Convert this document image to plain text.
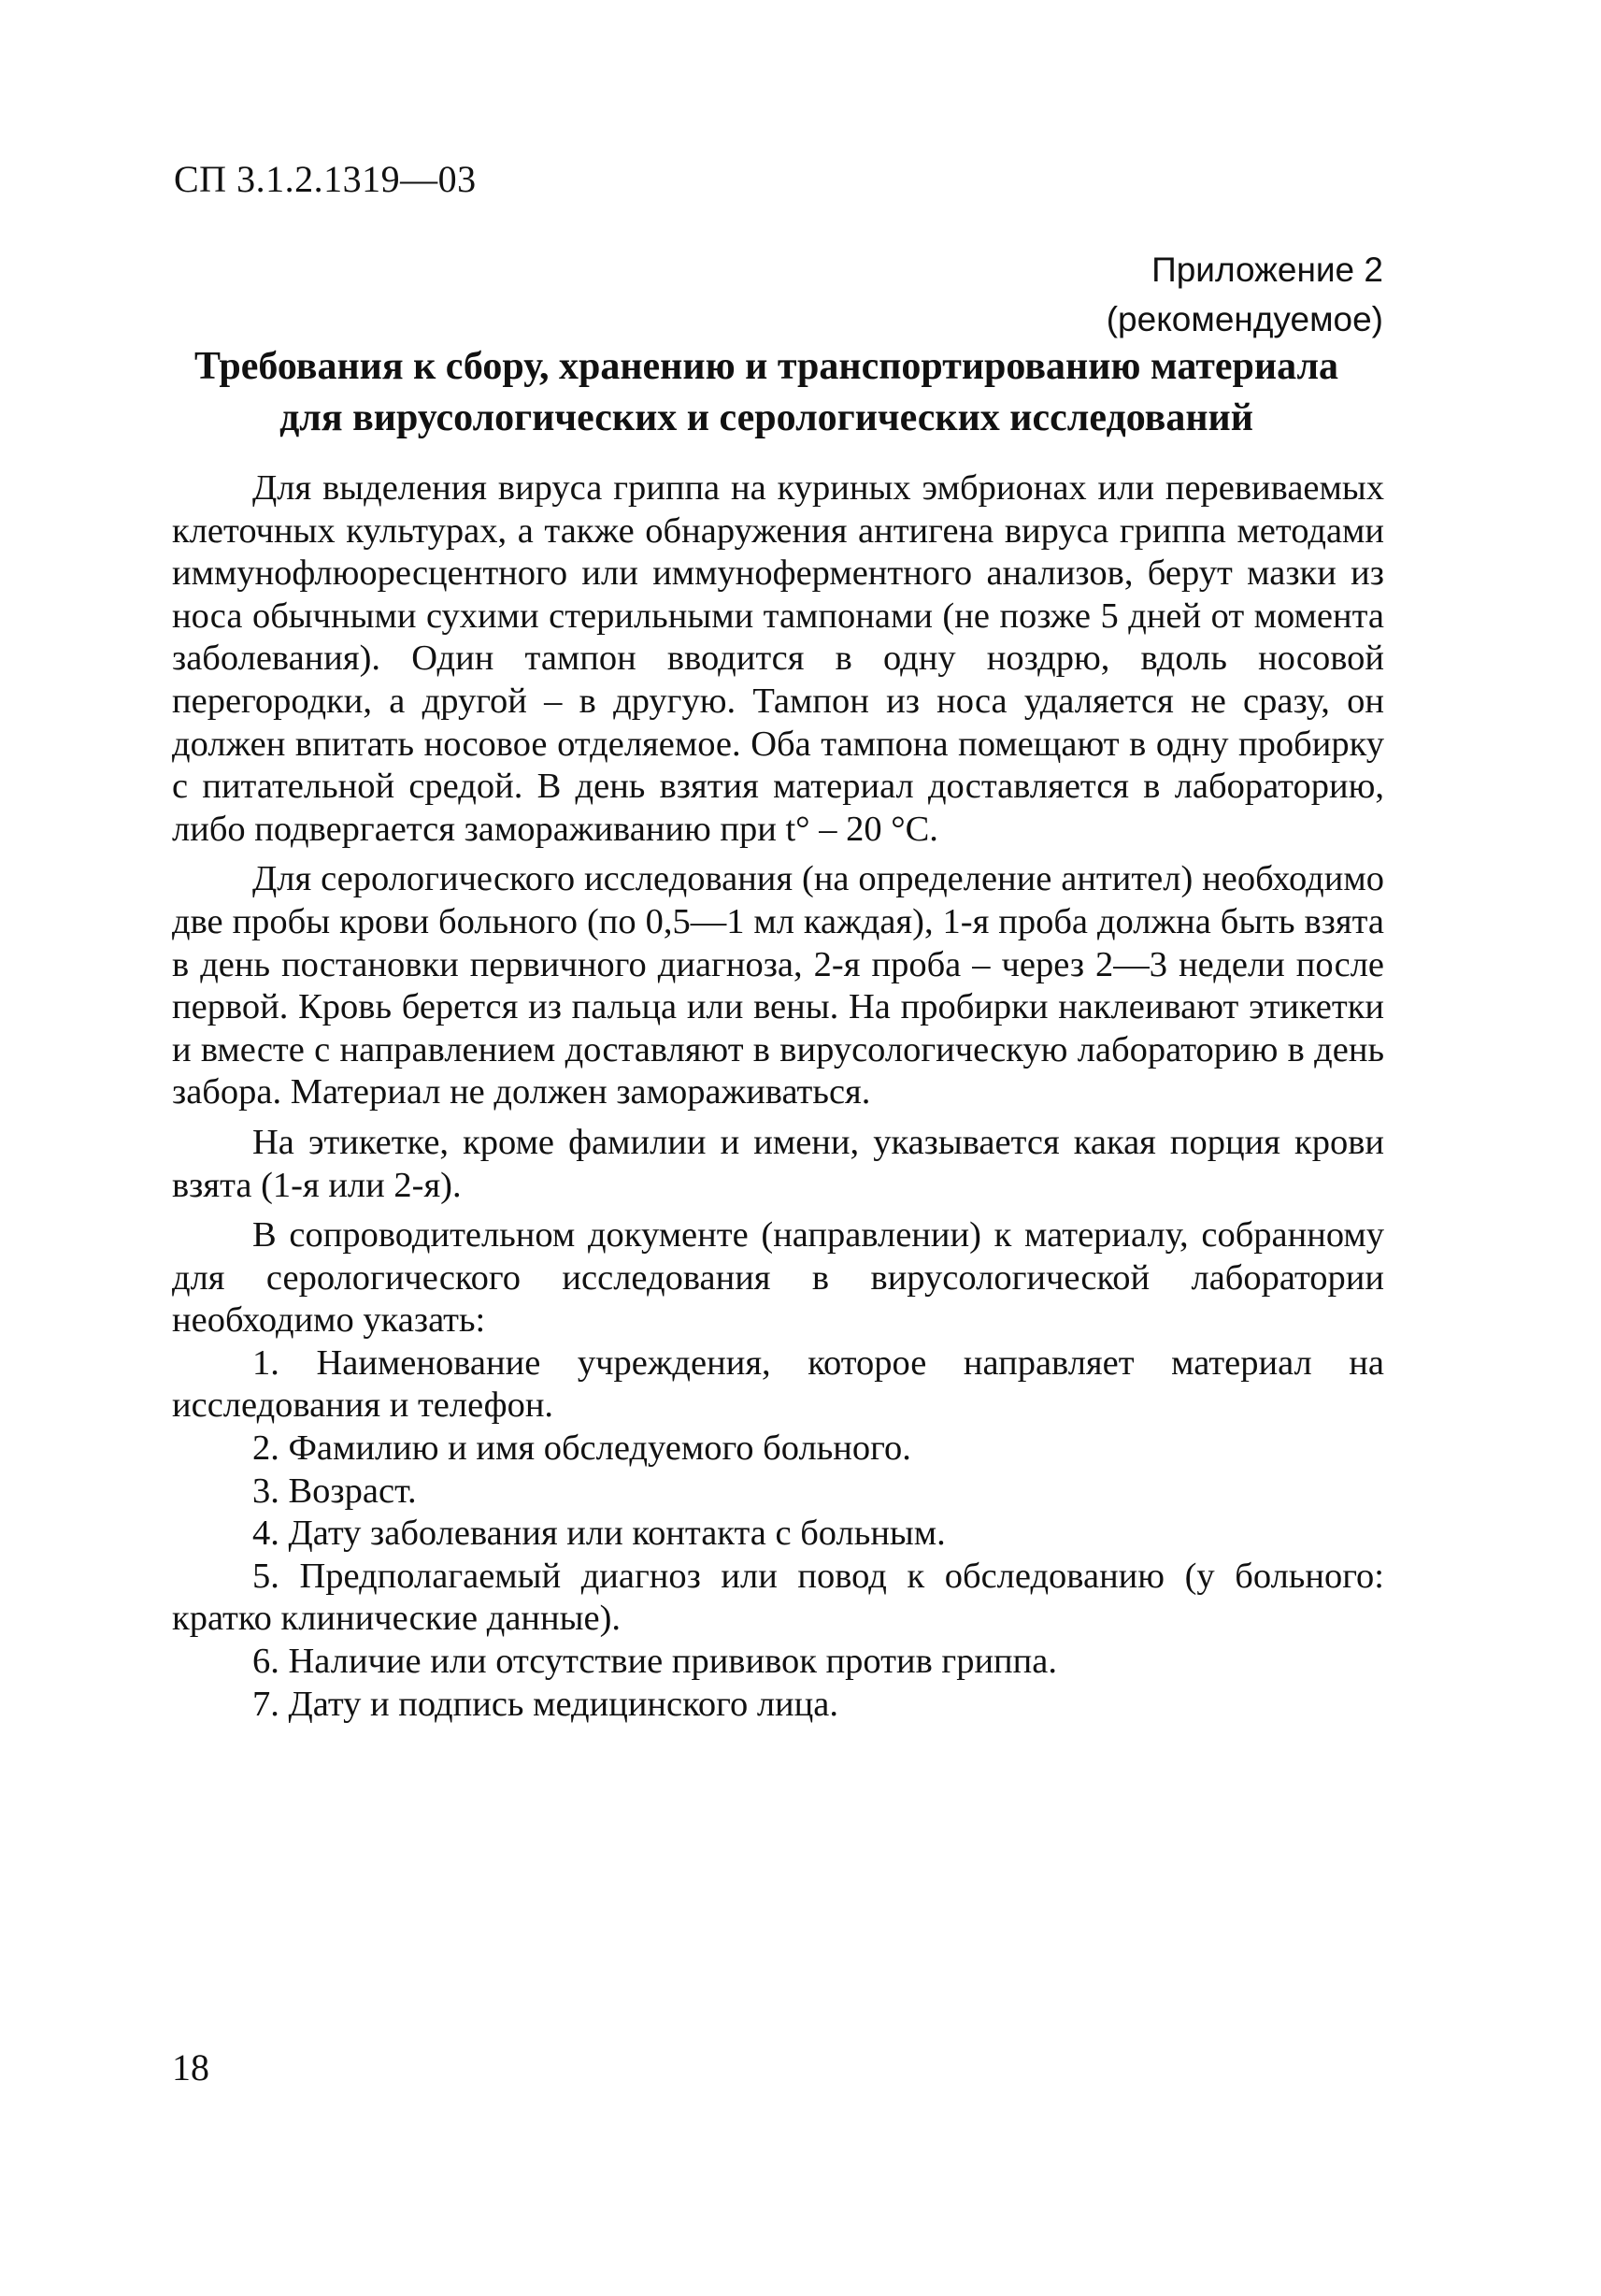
СП 3.1.2.1319—03
Приложение 2
(рекомендуемое)
Требования к сбору, хранению и транспортированию материала
для вирусологических и серологических исследований

Для выделения вируса гриппа на куриных эмбрионах или перевиваемых клеточных культурах, а также обнаружения антигена вируса гриппа методами иммунофлюоресцентного или иммуноферментного анализов, берут мазки из носа обычными сухими стерильными тампонами (не позже 5 дней от момента заболевания). Один тампон вводится в одну ноздрю, вдоль носовой перегородки, а другой – в другую. Тампон из носа удаляется не сразу, он должен впитать носовое отделяемое. Оба тампона помещают в одну пробирку с питательной средой. В день взятия материал доставляется в лабораторию, либо подвергается замораживанию при t° – 20 °С.

Для серологического исследования (на определение антител) необходимо две пробы крови больного (по 0,5—1 мл каждая), 1-я проба должна быть взята в день постановки первичного диагноза, 2-я проба – через 2—3 недели после первой. Кровь берется из пальца или вены. На пробирки наклеивают этикетки и вместе с направлением доставляют в вирусологическую лабораторию в день забора. Материал не должен замораживаться.

На этикетке, кроме фамилии и имени, указывается какая порция крови взята (1-я или 2-я).

В сопроводительном документе (направлении) к материалу, собранному для серологического исследования в вирусологической лаборатории необходимо указать:

1. Наименование учреждения, которое направляет материал на исследования и телефон.
2. Фамилию и имя обследуемого больного.
3. Возраст.
4. Дату заболевания или контакта с больным.
5. Предполагаемый диагноз или повод к обследованию (у больного: кратко клинические данные).
6. Наличие или отсутствие прививок против гриппа.
7. Дату и подпись медицинского лица.
18
